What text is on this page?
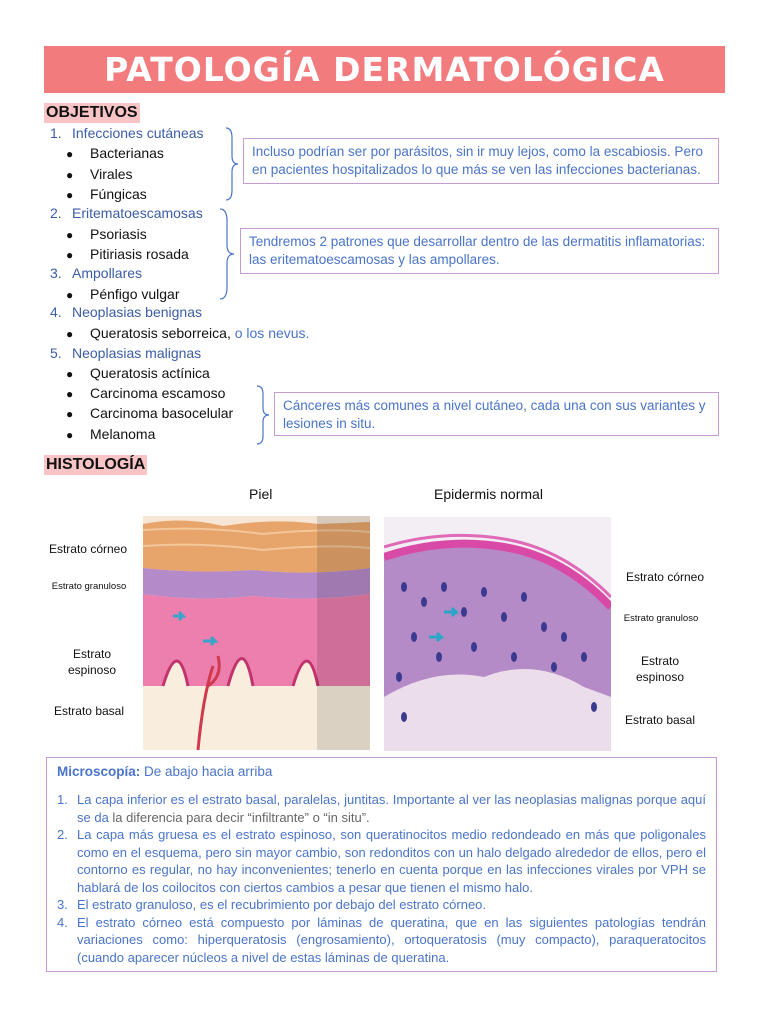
PATOLOGÍA DERMATOLÓGICA
OBJETIVOS
1. Infecciones cutáneas
● Bacterianas
● Virales
● Fúngicas
2. Eritematoescamosas
● Psoriasis
● Pitiriasis rosada
3. Ampollares
● Pénfigo vulgar
4. Neoplasias benignas
● Queratosis seborreica, o los nevus.
5. Neoplasias malignas
● Queratosis actínica
● Carcinoma escamoso
● Carcinoma basocelular
● Melanoma
Incluso podrían ser por parásitos, sin ir muy lejos, como la escabiosis. Pero en pacientes hospitalizados lo que más se ven las infecciones bacterianas.
Tendremos 2 patrones que desarrollar dentro de las dermatitis inflamatorias: las eritematoescamosas y las ampollares.
Cánceres más comunes a nivel cutáneo, cada una con sus variantes y lesiones in situ.
HISTOLOGÍA
Piel	Epidermis normal
Estrato córneo
Estrato granuloso
Estrato espinoso
Estrato basal
Estrato córneo
Estrato granuloso
Estrato espinoso
Estrato basal
Microscopía: De abajo hacia arriba
1. La capa inferior es el estrato basal, paralelas, juntitas. Importante al ver las neoplasias malignas porque aquí se da la diferencia para decir “infiltrante” o “in situ”.
2. La capa más gruesa es el estrato espinoso, son queratinocitos medio redondeado en más que poligonales como en el esquema, pero sin mayor cambio, son redonditos con un halo delgado alrededor de ellos, pero el contorno es regular, no hay inconvenientes; tenerlo en cuenta porque en las infecciones virales por VPH se hablará de los coilocitos con ciertos cambios a pesar que tienen el mismo halo.
3. El estrato granuloso, es el recubrimiento por debajo del estrato córneo.
4. El estrato córneo está compuesto por láminas de queratina, que en las siguientes patologías tendrán variaciones como: hiperqueratosis (engrosamiento), ortoqueratosis (muy compacto), paraqueratocitos (cuando aparecer núcleos a nivel de estas láminas de queratina.
